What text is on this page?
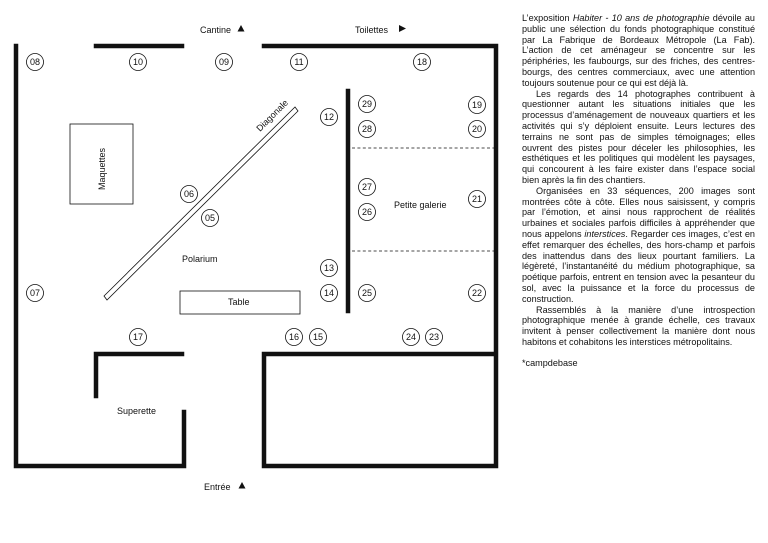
Cantine	Toilettes
Entrée
Maquettes
Diagonale
Polarium
Table
Petite galerie
Superette
08	10	09	11	18
12
29	19
28	20
06
05
27
26
21
13
07	14	25	22
17	16 15	24 23

L’exposition Habiter - 10 ans de photographie dévoile au public une sélection du fonds photographique constitué par La Fabrique de Bordeaux Métropole (La Fab). L’action de cet aménageur se concentre sur les périphéries, les faubourgs, sur des friches, des centres-bourgs, des centres commerciaux, avec une attention toujours soutenue pour ce qui est déjà là.

Les regards des 14 photographes contribuent à questionner autant les situations initiales que les processus d’aménagement de nouveaux quartiers et les activités qui s’y déploient ensuite. Leurs lectures des terrains ne sont pas de simples témoignages; elles ouvrent des pistes pour déceler les philosophies, les esthétiques et les politiques qui modèlent les paysages, qui concourent à les faire exister dans l’espace social bien après la fin des chantiers.

Organisées en 33 séquences, 200 images sont montrées côte à côte. Elles nous saisissent, y compris par l’émotion, et ainsi nous rapprochent de réalités urbaines et sociales parfois difficiles à appréhender que nous appelons interstices. Regarder ces images, c’est en effet remarquer des échelles, des hors-champ et parfois des inattendus dans des lieux pourtant familiers. La légèreté, l’instantanéité du médium photographique, sa poétique parfois, entrent en tension avec la pesanteur du sol, avec la puissance et la force du processus de construction.

Rassemblés à la manière d’une introspection photographique menée à grande échelle, ces travaux invitent à penser collectivement la manière dont nous habitons et cohabitons les interstices métropolitains.

*campdebase
